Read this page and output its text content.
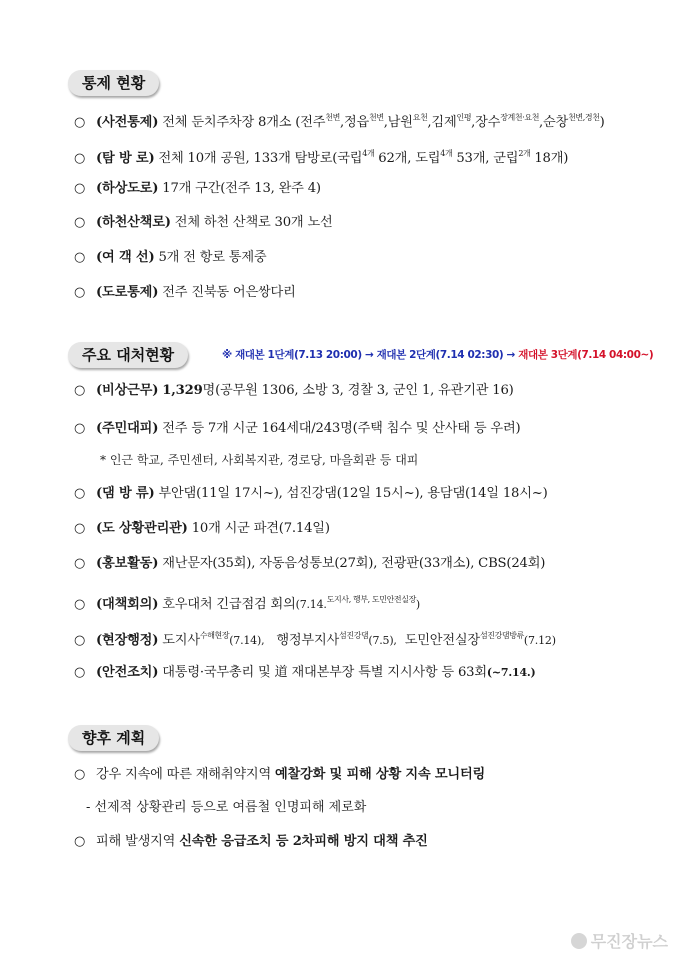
통제 현황
○ (사전통제) 전체 둔치주차장 8개소 (전주$^{천변}$,정읍$^{천변}$,남원$^{요천}$,김제$^{인평}$,장수$^{장계천\cdot 요천}$,순창$^{천변,경천}$)
○ (탐 방 로) 전체 10개 공원, 133개 탐방로(국립$^{4개}$ 62개, 도립$^{4개}$ 53개, 군립$^{2개}$ 18개)
○ (하상도로) 17개 구간(전주 13, 완주 4)
○ (하천산책로) 전체 하천 산책로 30개 노선
○ (여 객 선) 5개 전 항로 통제중
○ (도로통제) 전주 진북동 어은쌍다리
주요 대처현황	※ 재대본 1단계(7.13 20:00) → 재대본 2단계(7.14 02:30) → 재대본 3단계(7.14 04:00~)
○ (비상근무) 1,329명(공무원 1306, 소방 3, 경찰 3, 군인 1, 유관기관 16)
○ (주민대피) 전주 등 7개 시군 164세대/243명(주택 침수 및 산사태 등 우려)
* 인근 학교, 주민센터, 사회복지관, 경로당, 마을회관 등 대피
○ (댐 방 류) 부안댐(11일 17시~), 섬진강댐(12일 15시~), 용담댐(14일 18시~)
○ (도 상황관리관) 10개 시군 파견(7.14일)
○ (홍보활동) 재난문자(35회), 자동음성통보(27회), 전광판(33개소), CBS(24회)
○ (대책회의) 호우대처 긴급점검 회의(7.14.$^{도지사, 행부, 도민안전실장}$)
○ (현장행정) 도지사$^{수해현장}$(7.14), 행정부지사$^{섬진강댐}$(7.5), 도민안전실장$^{섬진강댐방류}$(7.12)
○ (안전조치) 대통령·국무총리 및 道 재대본부장 특별 지시사항 등 63회(~7.14.)
향후 계획
○ 강우 지속에 따른 재해취약지역 예찰강화 및 피해 상황 지속 모니터링
- 선제적 상황관리 등으로 여름철 인명피해 제로화
○ 피해 발생지역 신속한 응급조치 등 2차피해 방지 대책 추진
무진장뉴스
